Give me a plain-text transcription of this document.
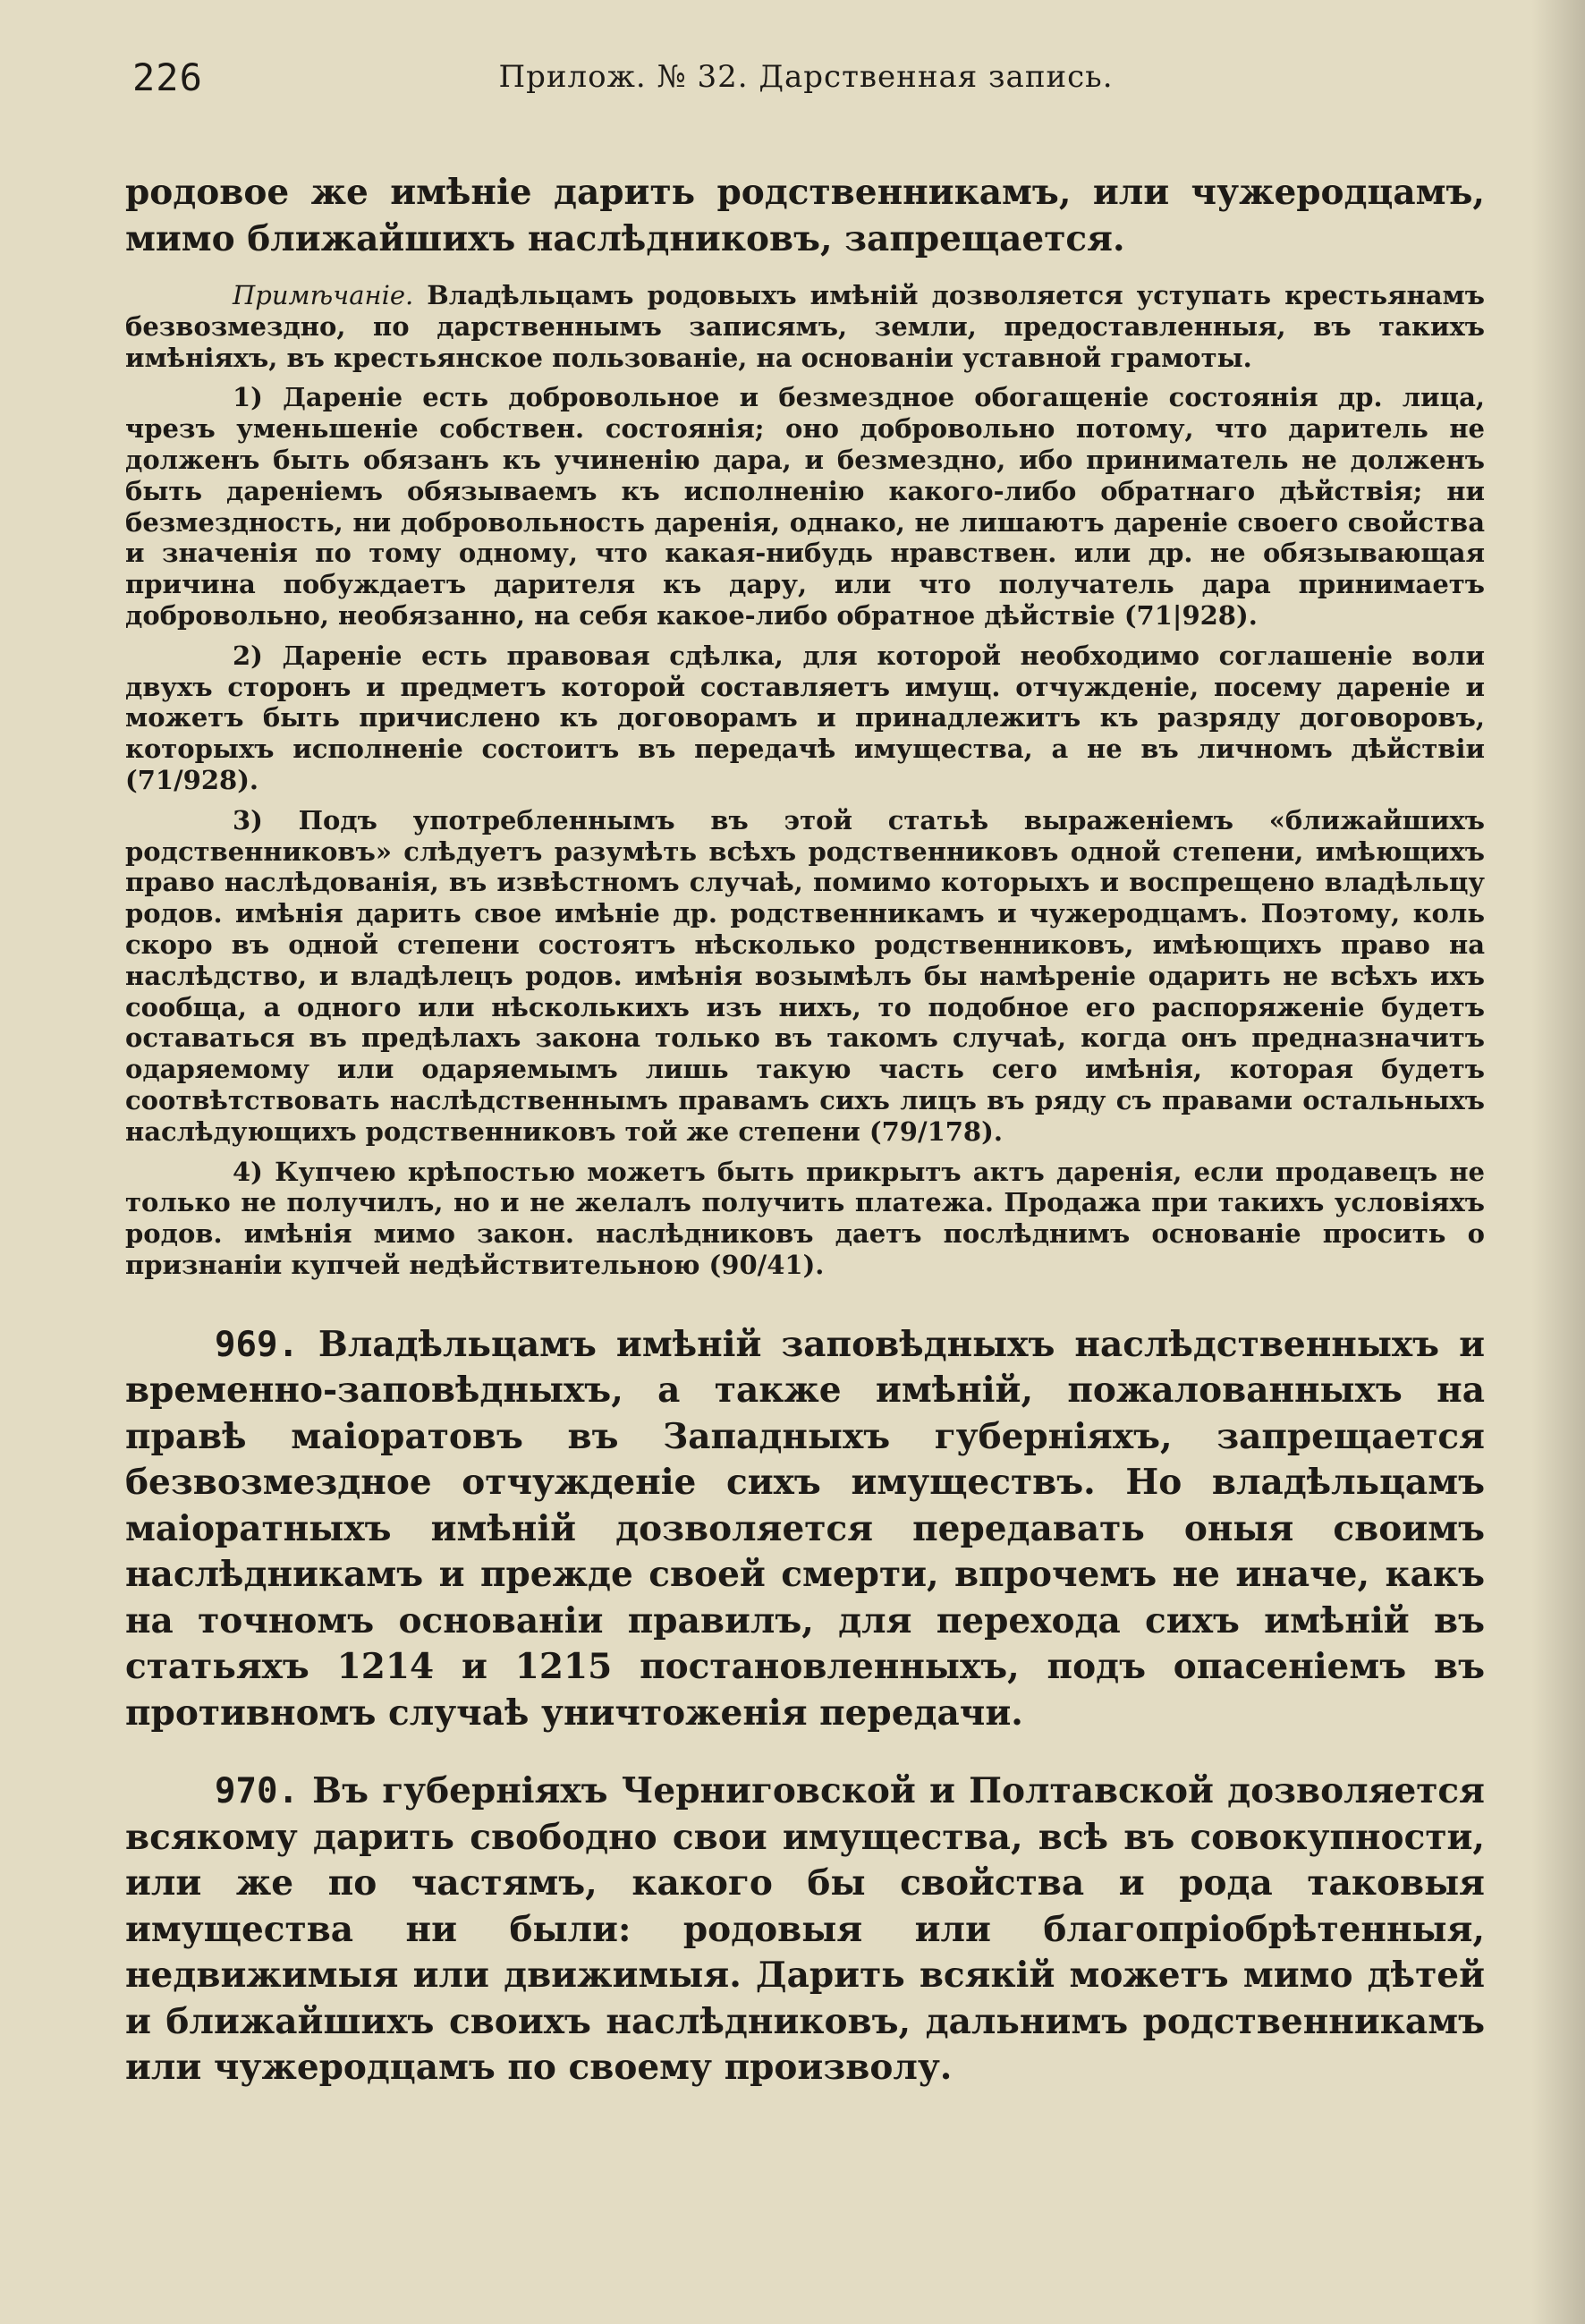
226	Прилож. № 32. Дарственная запись.

родовое же имѣніе дарить родственникамъ, или чужеродцамъ, мимо ближайшихъ наслѣдниковъ, запрещается.

Примѣчаніе. Владѣльцамъ родовыхъ имѣній дозволяется уступать крестьянамъ безвозмездно, по дарственнымъ записямъ, земли, предоставленныя, въ такихъ имѣніяхъ, въ крестьянское пользованіе, на основаніи уставной грамоты.

1) Дареніе есть добровольное и безмездное обогащеніе состоянія др. лица, чрезъ уменьшеніе собствен. состоянія; оно добровольно потому, что даритель не долженъ быть обязанъ къ учиненію дара, и безмездно, ибо приниматель не долженъ быть дареніемъ обязываемъ къ исполненію какого-либо обратнаго дѣйствія; ни безмездность, ни добровольность даренія, однако, не лишаютъ дареніе своего свойства и значенія по тому одному, что какая-нибудь нравствен. или др. не обязывающая причина побуждаетъ дарителя къ дару, или что получатель дара принимаетъ добровольно, необязанно, на себя какое-либо обратное дѣйствіе (71|928).

2) Дареніе есть правовая сдѣлка, для которой необходимо соглашеніе воли двухъ сторонъ и предметъ которой составляетъ имущ. отчужденіе, посему дареніе и можетъ быть причислено къ договорамъ и принадлежитъ къ разряду договоровъ, которыхъ исполненіе состоитъ въ передачѣ имущества, а не въ личномъ дѣйствіи (71/928).

3) Подъ употребленнымъ въ этой статьѣ выраженіемъ «ближайшихъ родственниковъ» слѣдуетъ разумѣть всѣхъ родственниковъ одной степени, имѣющихъ право наслѣдованія, въ извѣстномъ случаѣ, помимо которыхъ и воспрещено владѣльцу родов. имѣнія дарить свое имѣніе др. родственникамъ и чужеродцамъ. Поэтому, коль скоро въ одной степени состоятъ нѣсколько родственниковъ, имѣющихъ право на наслѣдство, и владѣлецъ родов. имѣнія возымѣлъ бы намѣреніе одарить не всѣхъ ихъ сообща, а одного или нѣсколькихъ изъ нихъ, то подобное его распоряженіе будетъ оставаться въ предѣлахъ закона только въ такомъ случаѣ, когда онъ предназначитъ одаряемому или одаряемымъ лишь такую часть сего имѣнія, которая будетъ соотвѣтствовать наслѣдственнымъ правамъ сихъ лицъ въ ряду съ правами остальныхъ наслѣдующихъ родственниковъ той же степени (79/178).

4) Купчею крѣпостью можетъ быть прикрытъ актъ даренія, если продавецъ не только не получилъ, но и не желалъ получить платежа. Продажа при такихъ условіяхъ родов. имѣнія мимо закон. наслѣдниковъ даетъ послѣднимъ основаніе просить о признаніи купчей недѣйствительною (90/41).

969. Владѣльцамъ имѣній заповѣдныхъ наслѣдственныхъ и временно-заповѣдныхъ, а также имѣній, пожалованныхъ на правѣ маіоратовъ въ Западныхъ губерніяхъ, запрещается безвозмездное отчужденіе сихъ имуществъ. Но владѣльцамъ маіоратныхъ имѣній дозволяется передавать оныя своимъ наслѣдникамъ и прежде своей смерти, впрочемъ не иначе, какъ на точномъ основаніи правилъ, для перехода сихъ имѣній въ статьяхъ 1214 и 1215 постановленныхъ, подъ опасеніемъ въ противномъ случаѣ уничтоженія передачи.

970. Въ губерніяхъ Черниговской и Полтавской дозволяется всякому дарить свободно свои имущества, всѣ въ совокупности, или же по частямъ, какого бы свойства и рода таковыя имущества ни были: родовыя или благопріобрѣтенныя, недвижимыя или движимыя. Дарить всякій можетъ мимо дѣтей и ближайшихъ своихъ наслѣдниковъ, дальнимъ родственникамъ или чужеродцамъ по своему произволу.
